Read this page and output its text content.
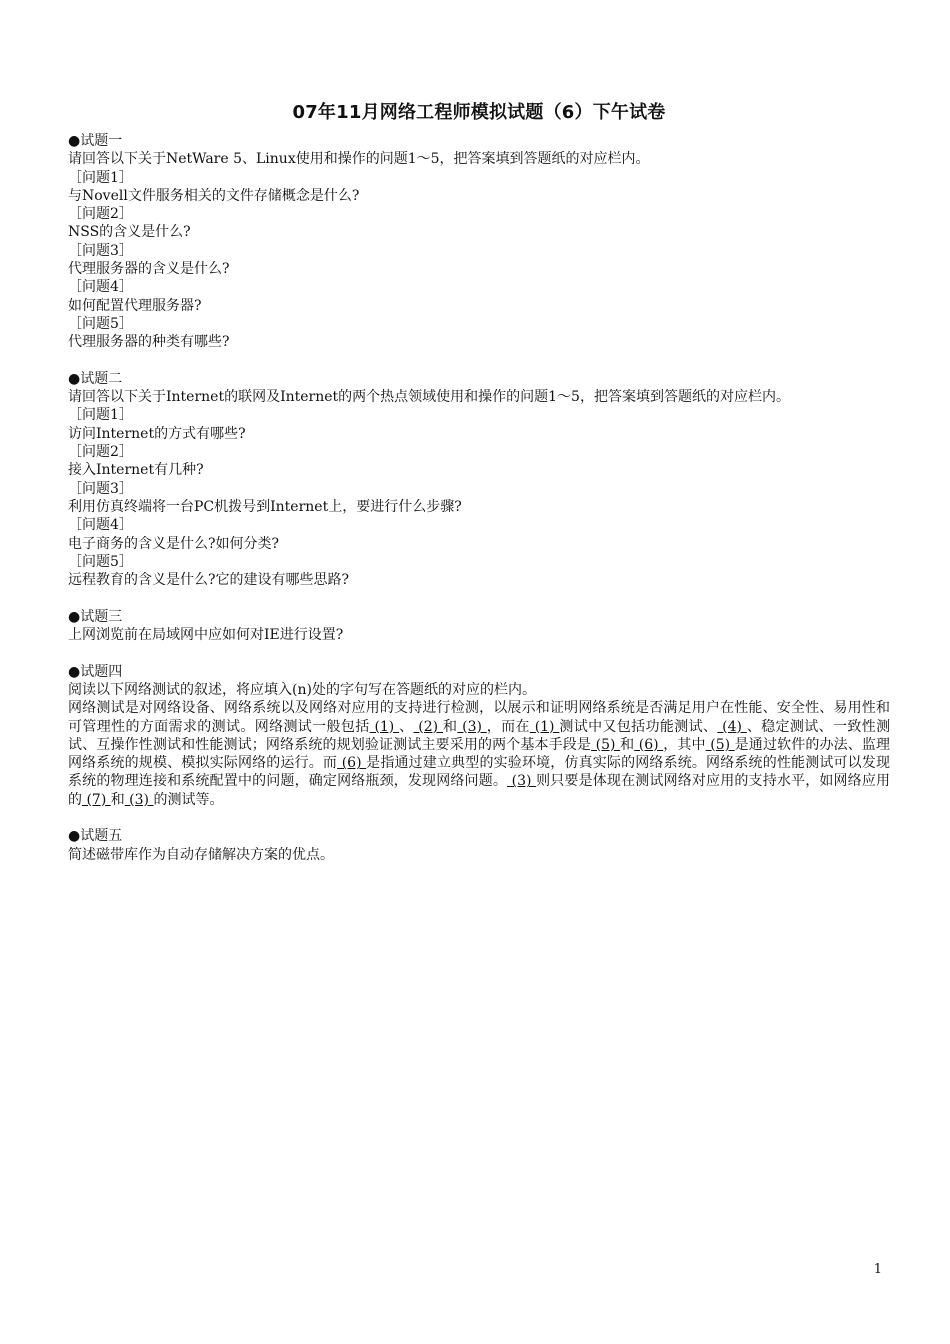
07年11月网络工程师模拟试题（6）下午试卷

●试题一

请回答以下关于NetWare 5、Linux使用和操作的问题1～5，把答案填到答题纸的对应栏内。

［问题1］

与Novell文件服务相关的文件存储概念是什么?

［问题2］

NSS的含义是什么?

［问题3］

代理服务器的含义是什么?

［问题4］

如何配置代理服务器?

［问题5］

代理服务器的种类有哪些?

●试题二

请回答以下关于Internet的联网及Internet的两个热点领域使用和操作的问题1～5，把答案填到答题纸的对应栏内。

［问题1］

访问Internet的方式有哪些?

［问题2］

接入Internet有几种?

［问题3］

利用仿真终端将一台PC机拨号到Internet上，要进行什么步骤?

［问题4］

电子商务的含义是什么?如何分类?

［问题5］

远程教育的含义是什么?它的建设有哪些思路?

●试题三

上网浏览前在局域网中应如何对IE进行设置?

●试题四

阅读以下网络测试的叙述，将应填入(n)处的字句写在答题纸的对应的栏内。

网络测试是对网络设备、网络系统以及网络对应用的支持进行检测，以展示和证明网络系统是否满足用户在性能、安全性、易用性和可管理性的方面需求的测试。网络测试一般包括 (1) 、 (2) 和 (3) ，而在 (1) 测试中又包括功能测试、 (4) 、稳定测试、一致性测试、互操作性测试和性能测试；网络系统的规划验证测试主要采用的两个基本手段是 (5) 和 (6) ，其中 (5) 是通过软件的办法、监理网络系统的规模、模拟实际网络的运行。而 (6) 是指通过建立典型的实验环境，仿真实际的网络系统。网络系统的性能测试可以发现系统的物理连接和系统配置中的问题，确定网络瓶颈，发现网络问题。 (3) 则只要是体现在测试网络对应用的支持水平，如网络应用的 (7) 和 (3) 的测试等。

●试题五

简述磁带库作为自动存储解决方案的优点。

1
